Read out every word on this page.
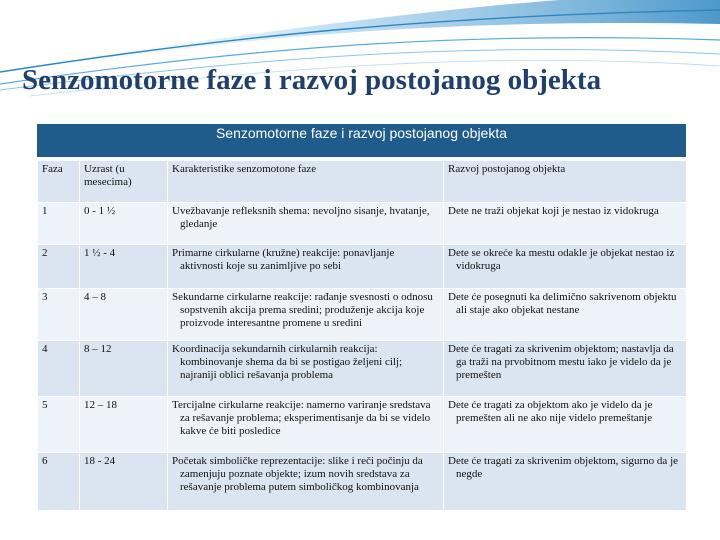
Senzomotorne faze i razvoj postojanog objekta
Senzomotorne faze i razvoj postojanog objekta
Faza	Uzrast (u mesecima)	Karakteristike senzomotone faze	Razvoj postojanog objekta
1	0 - 1 ½	Uvežbavanje refleksnih shema: nevoljno sisanje, hvatanje, gledanje	Dete ne traži objekat koji je nestao iz vidokruga

2	1 ½ - 4	Primarne cirkularne (kružne) reakcije: ponavljanje aktivnosti koje su zanimljive po sebi	Dete se okreće ka mestu odakle je objekat nestao iz vidokruga

3	4 – 8	Sekundarne cirkularne reakcije: rađanje svesnosti o odnosu sopstvenih akcija prema sredini; produženje akcija koje proizvode interesantne promene u sredini	Dete će posegnuti ka delimično sakrivenom objektu ali staje ako objekat nestane

4	8 – 12	Koordinacija sekundarnih cirkularnih reakcija: kombinovanje shema da bi se postigao željeni cilj; najraniji oblici rešavanja problema	Dete će tragati za skrivenim objektom; nastavlja da ga traži na prvobitnom mestu iako je videlo da je premešten

5	12 – 18	Tercijalne cirkularne reakcije: namerno variranje sredstava za rešavanje problema; eksperimentisanje da bi se videlo kakve će biti posledice	Dete će tragati za objektom ako je videlo da je premešten ali ne ako nije videlo premeštanje

6	18 - 24	Početak simboličke reprezentacije: slike i reči počinju da zamenjuju poznate objekte; izum novih sredstava za rešavanje problema putem simboličkog kombinovanja	Dete će tragati za skrivenim objektom, sigurno da je negde
